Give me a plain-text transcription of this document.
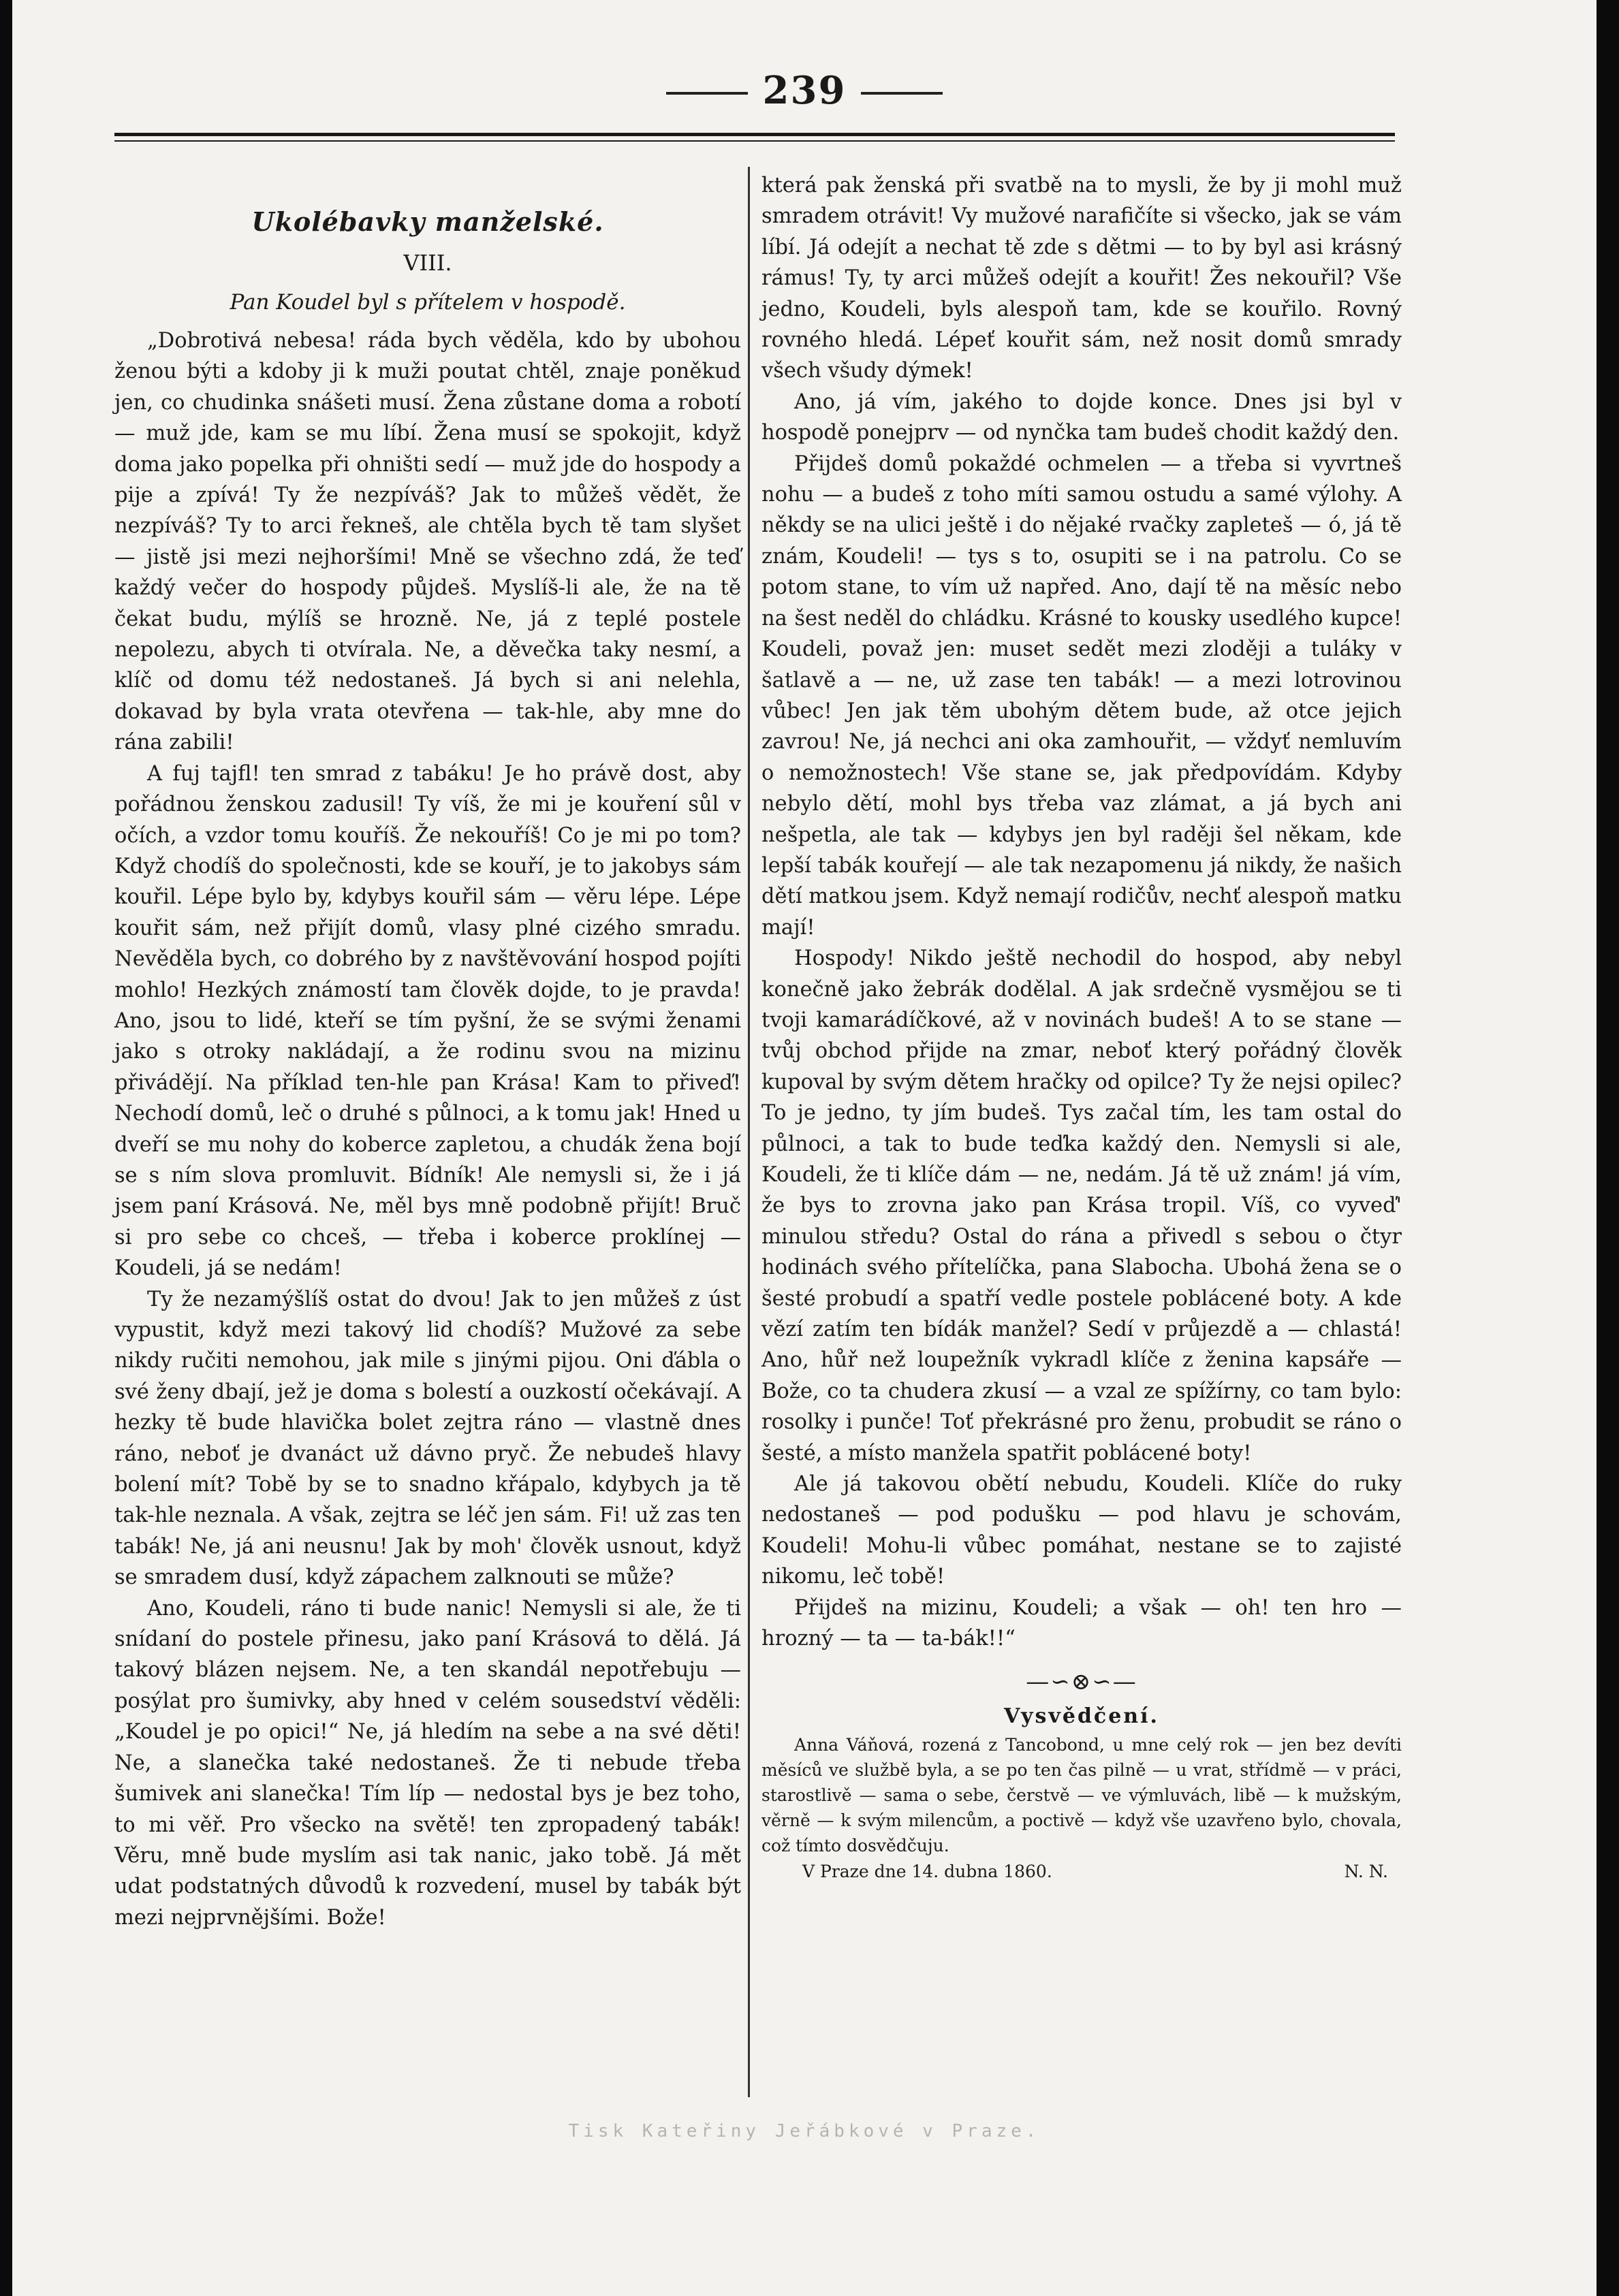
239

Ukolébavky manželské.

VIII.

Pan Koudel byl s přítelem v hospodě.

„Dobrotivá nebesa! ráda bych věděla, kdo by ubohou ženou býti a kdoby ji k muži poutat chtěl, znaje poněkud jen, co chudinka snášeti musí. Žena zůstane doma a robotí — muž jde, kam se mu líbí. Žena musí se spokojit, když doma jako popelka při ohništi sedí — muž jde do hospody a pije a zpívá! Ty že nezpíváš? Jak to můžeš vědět, že nezpíváš? Ty to arci řekneš, ale chtěla bych tě tam slyšet — jistě jsi mezi nejhoršími! Mně se všechno zdá, že teď každý večer do hospody půjdeš. Myslíš-li ale, že na tě čekat budu, mýlíš se hrozně. Ne, já z teplé postele nepolezu, abych ti otvírala. Ne, a děvečka taky nesmí, a klíč od domu též nedostaneš. Já bych si ani nelehla, dokavad by byla vrata otevřena — tak-hle, aby mne do rána zabili!

A fuj tajfl! ten smrad z tabáku! Je ho právě dost, aby pořádnou ženskou zadusil! Ty víš, že mi je kouření sůl v očích, a vzdor tomu kouříš. Že nekouříš! Co je mi po tom? Když chodíš do společnosti, kde se kouří, je to jakobys sám kouřil. Lépe bylo by, kdybys kouřil sám — věru lépe. Lépe kouřit sám, než přijít domů, vlasy plné cizého smradu. Nevěděla bych, co dobrého by z navštěvování hospod pojíti mohlo! Hezkých známostí tam člověk dojde, to je pravda! Ano, jsou to lidé, kteří se tím pyšní, že se svými ženami jako s otroky nakládají, a že rodinu svou na mizinu přivádějí. Na příklad ten-hle pan Krása! Kam to přiveď! Nechodí domů, leč o druhé s půlnoci, a k tomu jak! Hned u dveří se mu nohy do koberce zapletou, a chudák žena bojí se s ním slova promluvit. Bídník! Ale nemysli si, že i já jsem paní Krásová. Ne, měl bys mně podobně přijít! Bruč si pro sebe co chceš, — třeba i koberce proklínej — Koudeli, já se nedám!

Ty že nezamýšlíš ostat do dvou! Jak to jen můžeš z úst vypustit, když mezi takový lid chodíš? Mužové za sebe nikdy ručiti nemohou, jak mile s jinými pijou. Oni ďábla o své ženy dbají, jež je doma s bolestí a ouzkostí očekávají. A hezky tě bude hlavička bolet zejtra ráno — vlastně dnes ráno, neboť je dvanáct už dávno pryč. Že nebudeš hlavy bolení mít? Tobě by se to snadno křápalo, kdybych ja tě tak-hle neznala. A však, zejtra se léč jen sám. Fi! už zas ten tabák! Ne, já ani neusnu! Jak by moh' člověk usnout, když se smradem dusí, když zápachem zalknouti se může?

Ano, Koudeli, ráno ti bude nanic! Nemysli si ale, že ti snídaní do postele přinesu, jako paní Krásová to dělá. Já takový blázen nejsem. Ne, a ten skandál nepotřebuju — posýlat pro šumivky, aby hned v celém sousedství věděli: „Koudel je po opici!“ Ne, já hledím na sebe a na své děti! Ne, a slanečka také nedostaneš. Že ti nebude třeba šumivek ani slanečka! Tím líp — nedostal bys je bez toho, to mi věř. Pro všecko na světě! ten zpropadený tabák! Věru, mně bude myslím asi tak nanic, jako tobě. Já mět udat podstatných důvodů k rozvedení, musel by tabák být mezi nejprvnějšími. Bože!

která pak ženská při svatbě na to mysli, že by ji mohl muž smradem otrávit! Vy mužové narafičíte si všecko, jak se vám líbí. Já odejít a nechat tě zde s dětmi — to by byl asi krásný rámus! Ty, ty arci můžeš odejít a kouřit! Žes nekouřil? Vše jedno, Koudeli, byls alespoň tam, kde se kouřilo. Rovný rovného hledá. Lépeť kouřit sám, než nosit domů smrady všech všudy dýmek!

Ano, já vím, jakého to dojde konce. Dnes jsi byl v hospodě ponejprv — od nynčka tam budeš chodit každý den.

Přijdeš domů pokaždé ochmelen — a třeba si vyvrtneš nohu — a budeš z toho míti samou ostudu a samé výlohy. A někdy se na ulici ještě i do nějaké rvačky zapleteš — ó, já tě znám, Koudeli! — tys s to, osupiti se i na patrolu. Co se potom stane, to vím už napřed. Ano, dají tě na měsíc nebo na šest neděl do chládku. Krásné to kousky usedlého kupce! Koudeli, považ jen: muset sedět mezi zloději a tuláky v šatlavě a — ne, už zase ten tabák! — a mezi lotrovinou vůbec! Jen jak těm ubohým dětem bude, až otce jejich zavrou! Ne, já nechci ani oka zamhouřit, — vždyť nemluvím o nemožnostech! Vše stane se, jak předpovídám. Kdyby nebylo dětí, mohl bys třeba vaz zlámat, a já bych ani nešpetla, ale tak — kdybys jen byl raději šel někam, kde lepší tabák kouřejí — ale tak nezapomenu já nikdy, že našich dětí matkou jsem. Když nemají rodičův, nechť alespoň matku mají!

Hospody! Nikdo ještě nechodil do hospod, aby nebyl konečně jako žebrák dodělal. A jak srdečně vysmějou se ti tvoji kamarádíčkové, až v novinách budeš! A to se stane — tvůj obchod přijde na zmar, neboť který pořádný člověk kupoval by svým dětem hračky od opilce? Ty že nejsi opilec? To je jedno, ty jím budeš. Tys začal tím, les tam ostal do půlnoci, a tak to bude teďka každý den. Nemysli si ale, Koudeli, že ti klíče dám — ne, nedám. Já tě už znám! já vím, že bys to zrovna jako pan Krása tropil. Víš, co vyveď' minulou středu? Ostal do rána a přivedl s sebou o čtyr hodinách svého přítelíčka, pana Slabocha. Ubohá žena se o šesté probudí a spatří vedle postele poblácené boty. A kde vězí zatím ten bídák manžel? Sedí v průjezdě a — chlastá! Ano, hůř než loupežník vykradl klíče z ženina kapsáře — Bože, co ta chudera zkusí — a vzal ze spížírny, co tam bylo: rosolky i punče! Toť překrásné pro ženu, probudit se ráno o šesté, a místo manžela spatřit poblácené boty!

Ale já takovou obětí nebudu, Koudeli. Klíče do ruky nedostaneš — pod podušku — pod hlavu je schovám, Koudeli! Mohu-li vůbec pomáhat, nestane se to zajisté nikomu, leč tobě!

Přijdeš na mizinu, Koudeli; a však — oh! ten hro — hrozný — ta — ta-bák!!“

—∽⊗∽—

Vysvědčení.

Anna Váňová, rozená z Tancobond, u mne celý rok — jen bez devíti měsíců ve službě byla, a se po ten čas pilně — u vrat, střídmě — v práci, starostlivě — sama o sebe, čerstvě — ve výmluvách, libě — k mužským, věrně — k svým milencům, a poctivě — když vše uzavřeno bylo, chovala, což tímto dosvědčuju.

V Praze dne 14. dubna 1860.	N. N.
Tisk Kateřiny Jeřábkové v Praze.
